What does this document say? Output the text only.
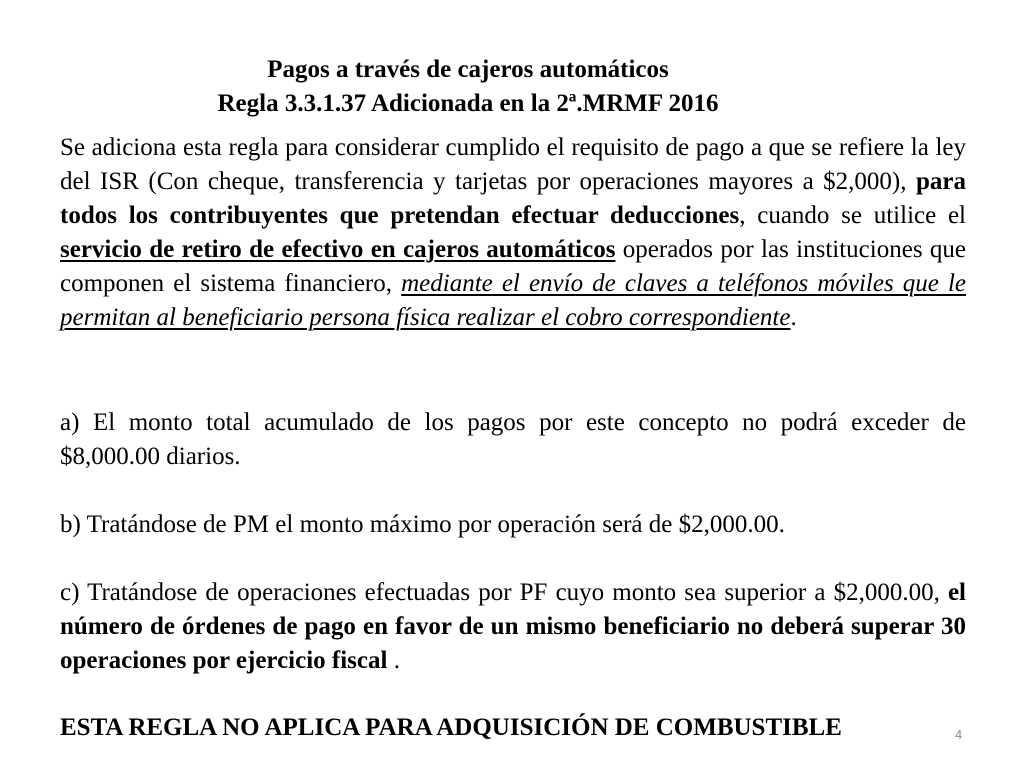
Pagos a través de cajeros automáticos
Regla 3.3.1.37 Adicionada en la 2ª.MRMF 2016
Se adiciona esta regla para considerar cumplido el requisito de pago a que se refiere la ley del ISR (Con cheque, transferencia y tarjetas por operaciones mayores a $2,000), para todos los contribuyentes que pretendan efectuar deducciones, cuando se utilice el servicio de retiro de efectivo en cajeros automáticos operados por las instituciones que componen el sistema financiero, mediante el envío de claves a teléfonos móviles que le permitan al beneficiario persona física realizar el cobro correspondiente.
a) El monto total acumulado de los pagos por este concepto no podrá exceder de $8,000.00 diarios.
b) Tratándose de PM el monto máximo por operación será de $2,000.00.
c) Tratándose de operaciones efectuadas por PF cuyo monto sea superior a $2,000.00, el número de órdenes de pago en favor de un mismo beneficiario no deberá superar 30 operaciones por ejercicio fiscal .
ESTA REGLA NO APLICA PARA ADQUISICIÓN DE COMBUSTIBLE	4
